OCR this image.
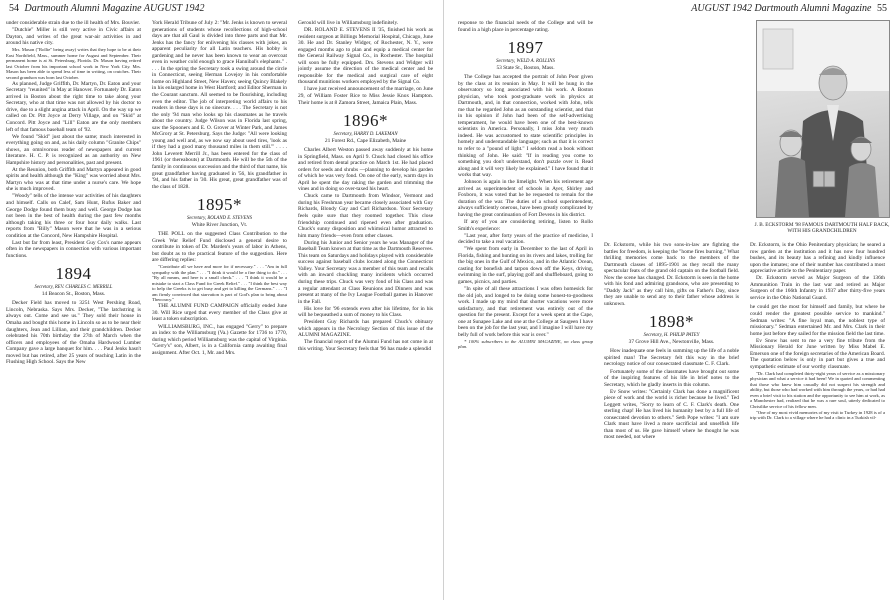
54 Dartmouth Alumni Magazine AUGUST 1942

under considerable strain due to the ill health of Mrs. Bouvier.

"Dutchie" Miller is still very active in Civic affairs at Dayton, and writes of the great war-air activities in and around his native city.

Mrs. Mason ("Rollie" being away) writes that they hope to be at their East Northfield, Mass., summer home for August and September. Their permanent home is at St. Petersburg, Florida. Dr. Mason having retired last October from his important school work in New York City. Mrs. Mason has been able to spend less of time in writing, on crutches. Their second grandson was born last October.

As planned, Judge Griffith, Dr. Martyn, Dr. Eaton and your Secretary "reunited" in May at Hanover. Fortunately Dr. Eaton arrived in Boston about the right time to take along your Secretary, who at that time was not allowed by his doctor to drive, due to a slight angina attack in April. On the way up we called on Dr. Pitt Joyce at Derry Village, and on "Skid" at Concord. Pitt Joyce and "Lill" Eaton are the only members left of that famous baseball team of '92.

We found "Skid" just about the same; much interested in everything going on and, as his daily column "Granite Chips" shows, an omnivorous reader of newspapers and current literature. H. C. P. is recognized as an authority on New Hampshire history and personalities, past and present.

At the Reunion, both Griffith and Martyn appeared in good spirits and health although the "King" was worried about Mrs. Martyn who was at that time under a nurse's care. We hope she is much improved.

"Woody" tells of the intense war activities of his daughters and himself. Calls on Calef, Sam Hunt, Rufus Baker and George Dodge found them busy and well. George Dodge has not been in the best of health during the past few months although taking his three or four hour daily walks. Last reports from "Billy" Mason were that he was in a serious condition at the Concord, New Hampshire Hospital.

Last but far from least, President Guy Cox's name appears often in the newspapers in connection with various important functions.

1894
Secretary, REV. CHARLES C. MERRILL
14 Beacon St., Boston, Mass.

Decker Field has moved to 3251 West Pershing Road, Lincoln, Nebraska. Says Mrs. Decker, "The latchstring is always out. Come and see us." They sold their house in Omaha and bought this home in Lincoln so as to be near their daughters, Jean and Lillian, and their grandchildren. Decker celebrated his 70th birthday the 27th of March when the officers and employees of the Omaha Hardwood Lumber Company gave a large banquet for him. . . . Paul Jenks hasn't moved but has retired, after 25 years of teaching Latin in the Flushing High School. Says the New

York Herald Tribune of July 2: "Mr. Jenks is known to several generations of students whose recollections of high-school days are that all Gaul is divided into three parts and that Mr. Jenks has the fancy for enlivening his classes with jokes, an apparent peculiarity for all Latin teachers. His hobby is gardening and he never has been known to wear an overcoat even in weather cold enough to grace Hannibal's elephants." . . . . In the spring the Secretary took a swing around the circle in Connecticut, seeing Herman Lovejoy in his comfortable home on Highland Street, New Haven; seeing Quincy Blakely in his enlarged home in West Hartford; and Editor Sherman in the Courant sanctum. All seemed to be flourishing, including even the editor. The job of interpreting world affairs to his readers in these days is no sinecure. . . . The Secretary is not the only '94 man who looks up his classmates as he travels about the country. Judge Wilson was in Florida last spring, saw the Spooners and E. O. Grover at Winter Park, and James McGrory at St. Petersburg. Says the Judge: "All were looking young and well and, as we now say about used tires, 'look as if they had a good many thousand miles in them still.'" . . . . John Leverett Merrill Jr., has been entered for the class of 1961 (or thereabouts) at Dartmouth. He will be the 5th of the family in continuous succession and the third of that name, his great grandfather having graduated in '56, his grandfather in '94, and his father in '30. His great, great grandfather was of the class of 1828.

1895*
Secretary, ROLAND E. STEVENS
White River Junction, Vt.

THE POLL on the suggested Class Contribution to the Greek War Relief Fund disclosed a general desire to contribute in token of Dr. Marden's years of labor in Athens, but doubt as to the practical feature of the suggestion. Here are differing replies:

"Contribute all we have and more for if necessary." . . . "Am in full sympathy with the plan." . . . "I think it would be a fine thing to do." . . . "By all means, and here is a small check." . . . "I think it would be a mistake to start a Class Fund for Greek Relief." . . . "I think the best way to help the Greeks is to get busy and get to killing the Germans." . . . "I am firmly convinced that starvation is part of God's plan to bring about Theocracy."

THE ALUMNI FUND CAMPAIGN officially ended June 30. Will Rice urged that every member of the Class give at least a token subscription.

WILLIAMSBURG, INC., has engaged "Gerry" to prepare an index to the Williamsburg (Va.) Gazette for 1736 to 1770, during which period Williamsburg was the capital of Virginia. "Gerry's" son, Albert, is in a California camp awaiting final assignment. After Oct. 1, Mr. and Mrs.

Gerould will live in Williamsburg indefinitely.

DR. ROLAND E. STEVENS II '35, finished his work as resident surgeon at Billings Memorial Hospital, Chicago, June 30. He and Dr. Stanley Widger, of Rochester, N. Y., were engaged months ago to plan and equip a medical center for the General Railway Signal Co., in Rochester. The hospital will soon be fully equipped. Drs. Stevens and Widger will jointly assume the direction of the medical center and be responsible for the medical and surgical care of eight thousand munitions workers employed by the Signal Co.

I have just received announcement of the marriage, on June 29, of William Foster Rice to Miss Jessie Knox Hampton. Their home is at 8 Zamora Street, Jamaica Plain, Mass.

1896*
Secretary, HARRY D. LAKEMAN
21 Forest Rd., Cape Elizabeth, Maine

Charles Albert Weston passed away suddenly at his home in Springfield, Mass. on April 9. Chuck had closed his office and retired from dental practice on March 1st. He had placed orders for seeds and shrubs —planning to develop his garden of which he was very fond. On one of the early, warm days in April he spent the day raking the garden and trimming the vines and in doing so over-taxed his heart.

Chuck came to Dartmouth from Windsor, Vermont and during his Freshman year became closely associated with Guy Richards, Blondy Gay and Carl Richardson. Your Secretary feels quite sure that they roomed together. This close friendship continued and ripened even after graduation. Chuck's sunny disposition and whimsical humor attracted to him many friends—even from other classes.

During his Junior and Senior years he was Manager of the Baseball Team known at that time as the Dartmouth Reserves. This team on Saturdays and holidays played with considerable success against baseball clubs located along the Connecticut Valley. Your Secretary was a member of this team and recalls with an inward chuckling many incidents which occurred during these trips. Chuck was very fond of his Class and was a regular attendant at Class Reunions and Dinners and was present at many of the Ivy League Football games in Hanover in the Fall.

His love for '96 extends even after his lifetime, for in his will he bequeathed a sum of money to his Class.

President Guy Richards has prepared Chuck's obituary which appears in the Necrology Section of this issue of the ALUMNI MAGAZINE.

The financial report of the Alumni Fund has not come in at this writing. Your Secretary feels that '96 has made a splendid

AUGUST 1942 Dartmouth Alumni Magazine 55

response to the financial needs of the College and will be found in a high place in percentage rating.

1897
Secretary, WELD A. ROLLINS
53 State St., Boston, Mass.

The College has accepted the portrait of John Poor given by the class at its reunion in May. It will be hung in the observatory so long associated with his work. A Boston physician, who took post-graduate work in physics at Dartmouth, and, in that connection, worked with John, tells me that he regarded John as an outstanding scientist, and that in his opinion if John had been of the self-advertising temperament, he would have been one of the best-known scientists in America. Personally, I miss John very much indeed. He was accustomed to state scientific principles in homely and understandable language; such as that it is correct to refer to a "pound of light." I seldom read a book without thinking of John. He said: "If in reading you come to something you don't understand, don't puzzle over it. Read along and it will very likely be explained." I have found that it works that way.

Johnson is again in the limelight. When his retirement age arrived as superintendent of schools in Ayer, Shirley and Foxboro, it was voted that he be requested to remain for the duration of the war. The duties of a school superintendent, always sufficiently onerous, have been greatly complicated by having the great continuation of Fort Devens in his district.

If any of you are considering retiring, listen to Rollo Smith's experience:

"Last year, after forty years of the practice of medicine, I decided to take a real vacation.

"We spent from early in December to the last of April in Florida, fishing and hunting on its rivers and lakes, trolling for the big ones in the Gulf of Mexico, and in the Atlantic Ocean, casting for bonefish and tarpon down off the Keys, driving, swimming in the surf, playing golf and shuffleboard, going to games, picnics, and parties.

"In spite of all these attractions I was often homesick for the old job, and longed to be doing some honest-to-goodness work. I made up my mind that shorter vacations were more satisfactory, and that retirement was entirely out of the question for the present. Except for a week spent at the Cape, one at Sunapee Lake and one at the College at Saugeen I have been on the job for the last year, and I imagine I will have my belly full of work before this war is over."

* 100% subscribers to the ALUMNI MAGAZINE, on class group plan.

J. B. ECKSTORM '98 FAMOUS DARTMOUTH HALF BACK, WITH HIS GRANDCHILDREN

Dr. Eckstorm, while his two sons-in-law are fighting the battles for freedom, is keeping the "home fires burning." What thrilling memories come back to the members of the Dartmouth classes of 1895-1901 as they recall the many spectacular feats of the grand old captain on the football field. Now the scene has changed. Dr. Eckstorm is seen in the home with his fond and admiring grandsons, who are presenting to "Daddy Jack" as they call him, gifts on Father's Day, since they are unable to send any to their father whose address is unknown.

1898*
Secretary, H. PHILIP PATEY
37 Grove Hill Ave., Newtonville, Mass.

How inadequate one feels in summing up the life of a noble spirited man! The Secretary felt this way in the brief necrology notice of our consecrated classmate C. F. Clark.

Fortunately some of the classmates have brought out some of the inspiring features of his life in brief notes to the Secretary, which he gladly inserts in this column.

Ev Snow writes: "Certainly Clark has done a magnificent piece of work and the world is richer because he lived." Ted Leggett writes, "Sorry to learn of C. F. Clark's death. One sterling chap! He has lived his humanity best by a full life of consecrated devotion to others." Seth Pope writes: "I am sure Clark must have lived a more sacrificial and unselfish life than most of us. He gave himself where he thought he was most needed, not where

Dr. Eckstorm, is the Ohio Penitentiary physician; he seared a row garden at the institution and it has now four hundred bushes, and its beauty has a refining and kindly influence upon the inmates; one of their number has contributed a most appreciative article to the Penitentiary paper.

Dr. Eckstorm served as Major Surgeon of the 136th Ammunition Train in the last war and retired as Major Surgeon of the 166th Infantry in 1937 after thirty-five years service in the Ohio National Guard.

he could get the most for himself and family, but where he could render the greatest possible service to mankind." Sedman writes: "A fine loyal man, the noblest type of missionary." Sedman entertained Mr. and Mrs. Clark in their home just before they sailed for the mission field the last time.

Ev Snow has sent to me a very fine tribute from the Missionary Herald for June written by Miss Mabel E. Emerson one of the foreign secretaries of the American Board. The quotation below is only in part but gives a true and sympathetic estimate of our worthy classmate.

"Dr. Clark had completed thirty-eight years of service as a missionary physician and what a service it had been! We in quoted and commenting that those who knew him casually did not suspect his strength and ability, but those who had worked with him through the years, or had had even a brief visit to his station and the opportunity to see him at work, as a Manchester had, realized that he was a rare soul, utterly dedicated to Christlike service of his fellow men.

"One of my most vivid memories of my visit to Turkey in 1928 is of a trip with Dr. Clark to a village where he had a clinic in a Turkish vil-
